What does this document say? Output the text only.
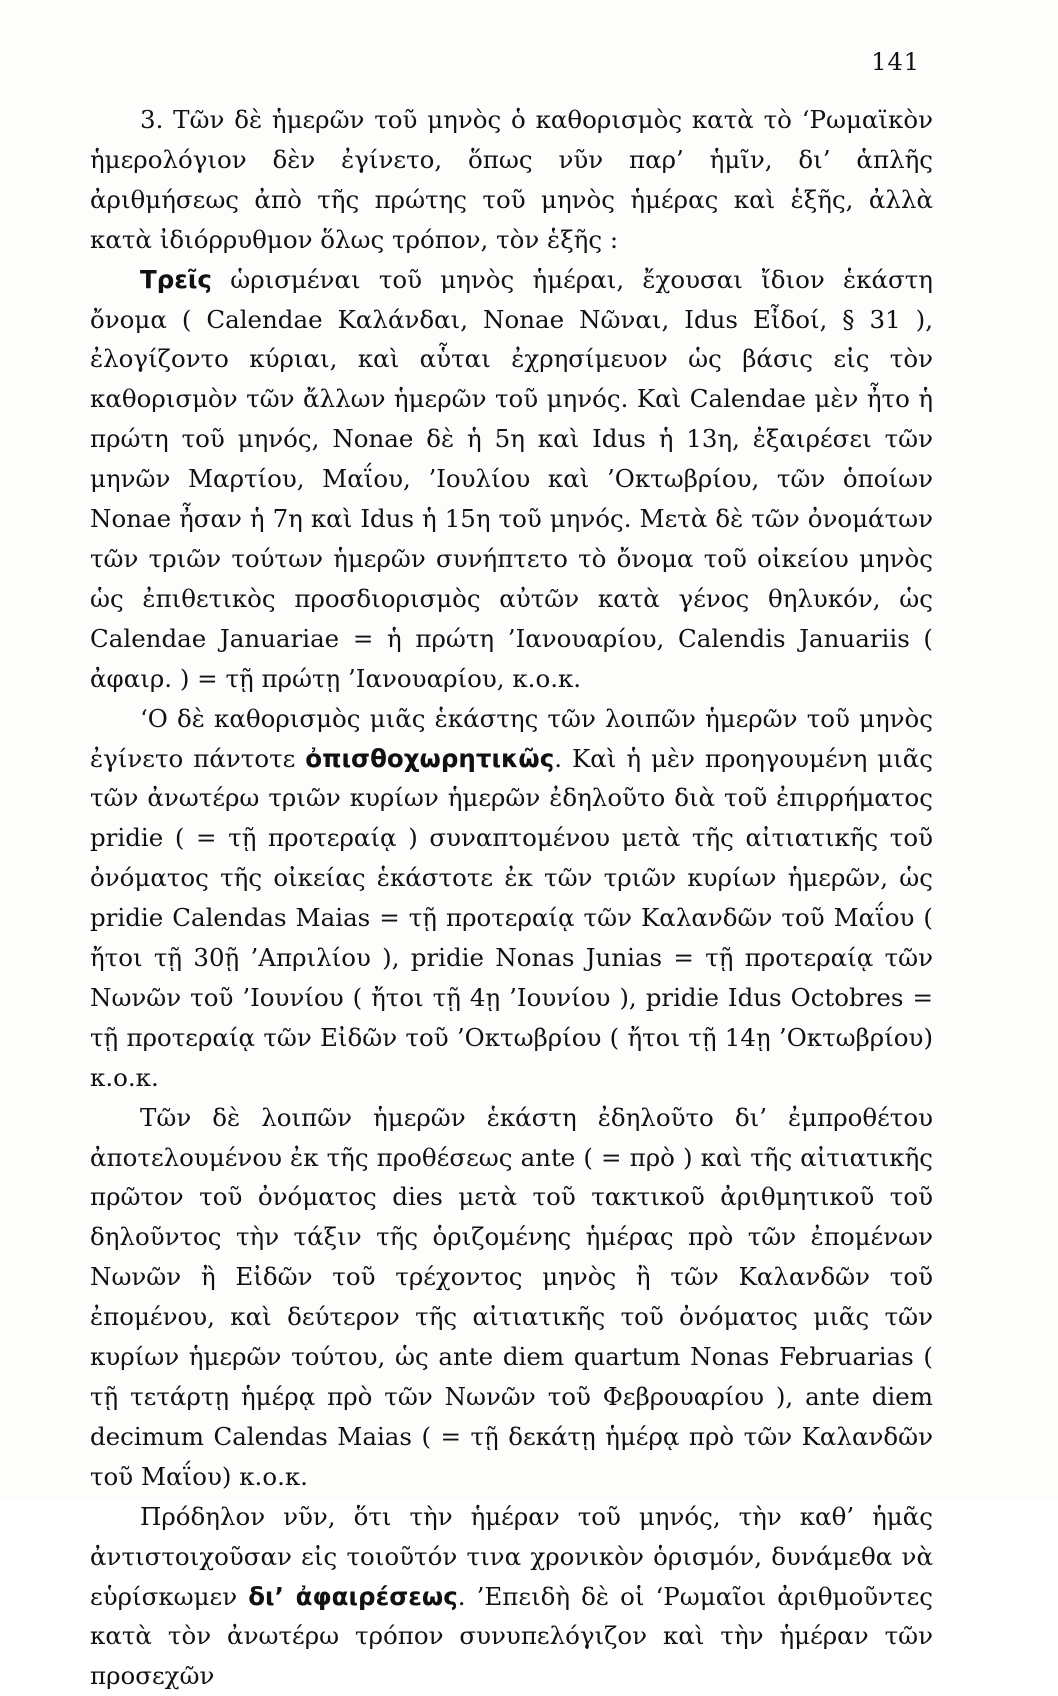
141

3. Τῶν δὲ ἡμερῶν τοῦ μηνὸς ὁ καθορισμὸς κατὰ τὸ ‘Ρωμαϊκὸν ἡμερολόγιον δὲν ἐγίνετο, ὅπως νῦν παρ’ ἡμῖν, δι’ ἁπλῆς ἀριθμήσεως ἀπὸ τῆς πρώτης τοῦ μηνὸς ἡμέρας καὶ ἑξῆς, ἀλλὰ κατὰ ἰδιόρρυθμον ὅλως τρόπον, τὸν ἑξῆς :

Τρεῖς ὡρισμέναι τοῦ μηνὸς ἡμέραι, ἔχουσαι ἴδιον ἑκάστη ὄνομα ( Calendae Καλάνδαι, Nonae Νῶναι, Idus Εἶδοί, § 31 ), ἐλογίζοντο κύριαι, καὶ αὗται ἐχρησίμευον ὡς βάσις εἰς τὸν καθορισμὸν τῶν ἄλλων ἡμερῶν τοῦ μηνός. Καὶ Calendae μὲν ἦτο ἡ πρώτη τοῦ μηνός, Nonae δὲ ἡ 5η καὶ Idus ἡ 13η, ἐξαιρέσει τῶν μηνῶν Μαρτίου, Μαΐου, ’Ιουλίου καὶ ’Οκτωβρίου, τῶν ὁποίων Nonae ἦσαν ἡ 7η καὶ Idus ἡ 15η τοῦ μηνός. Μετὰ δὲ τῶν ὀνομάτων τῶν τριῶν τούτων ἡμερῶν συνήπτετο τὸ ὄνομα τοῦ οἰκείου μηνὸς ὡς ἐπιθετικὸς προσδιορισμὸς αὐτῶν κατὰ γένος θηλυκόν, ὡς Calendae Januariae = ἡ πρώτη ’Ιανουαρίου, Calendis Januariis ( ἀφαιρ. ) = τῇ πρώτῃ ’Ιανουαρίου, κ.ο.κ.

‘Ο δὲ καθορισμὸς μιᾶς ἑκάστης τῶν λοιπῶν ἡμερῶν τοῦ μηνὸς ἐγίνετο πάντοτε ὀπισθοχωρητικῶς. Καὶ ἡ μὲν προηγουμένη μιᾶς τῶν ἀνωτέρω τριῶν κυρίων ἡμερῶν ἐδηλοῦτο διὰ τοῦ ἐπιρρήματος pridie ( = τῇ προτεραίᾳ ) συναπτομένου μετὰ τῆς αἰτιατικῆς τοῦ ὀνόματος τῆς οἰκείας ἑκάστοτε ἐκ τῶν τριῶν κυρίων ἡμερῶν, ὡς pridie Calendas Maias = τῇ προτεραίᾳ τῶν Καλανδῶν τοῦ Μαΐου ( ἤτοι τῇ 30ῇ ’Απριλίου ), pridie Nonas Junias = τῇ προτεραίᾳ τῶν Νωνῶν τοῦ ’Ιουνίου ( ἤτοι τῇ 4ῃ ’Ιουνίου ), pridie Idus Octobres = τῇ προτεραίᾳ τῶν Εἰδῶν τοῦ ’Οκτωβρίου ( ἤτοι τῇ 14ῃ ’Οκτωβρίου) κ.ο.κ.

Τῶν δὲ λοιπῶν ἡμερῶν ἑκάστη ἐδηλοῦτο δι’ ἐμπροθέτου ἀποτελουμένου ἐκ τῆς προθέσεως ante ( = πρὸ ) καὶ τῆς αἰτιατικῆς πρῶτον τοῦ ὀνόματος dies μετὰ τοῦ τακτικοῦ ἀριθμητικοῦ τοῦ δηλοῦντος τὴν τάξιν τῆς ὁριζομένης ἡμέρας πρὸ τῶν ἐπομένων Νωνῶν ἢ Εἰδῶν τοῦ τρέχοντος μηνὸς ἢ τῶν Καλανδῶν τοῦ ἐπομένου, καὶ δεύτερον τῆς αἰτιατικῆς τοῦ ὀνόματος μιᾶς τῶν κυρίων ἡμερῶν τούτου, ὡς ante diem quartum Nonas Februarias ( τῇ τετάρτῃ ἡμέρᾳ πρὸ τῶν Νωνῶν τοῦ Φεβρουαρίου ), ante diem decimum Calendas Maias ( = τῇ δεκάτῃ ἡμέρᾳ πρὸ τῶν Καλανδῶν τοῦ Μαΐου) κ.ο.κ.

Πρόδηλον νῦν, ὅτι τὴν ἡμέραν τοῦ μηνός, τὴν καθ’ ἡμᾶς ἀντιστοιχοῦσαν εἰς τοιοῦτόν τινα χρονικὸν ὁρισμόν, δυνάμεθα νὰ εὑρίσκωμεν δι’ ἀφαιρέσεως. ’Επειδὴ δὲ οἱ ‘Ρωμαῖοι ἀριθμοῦντες κατὰ τὸν ἀνωτέρω τρόπον συνυπελόγιζον καὶ τὴν ἡμέραν τῶν προσεχῶν
